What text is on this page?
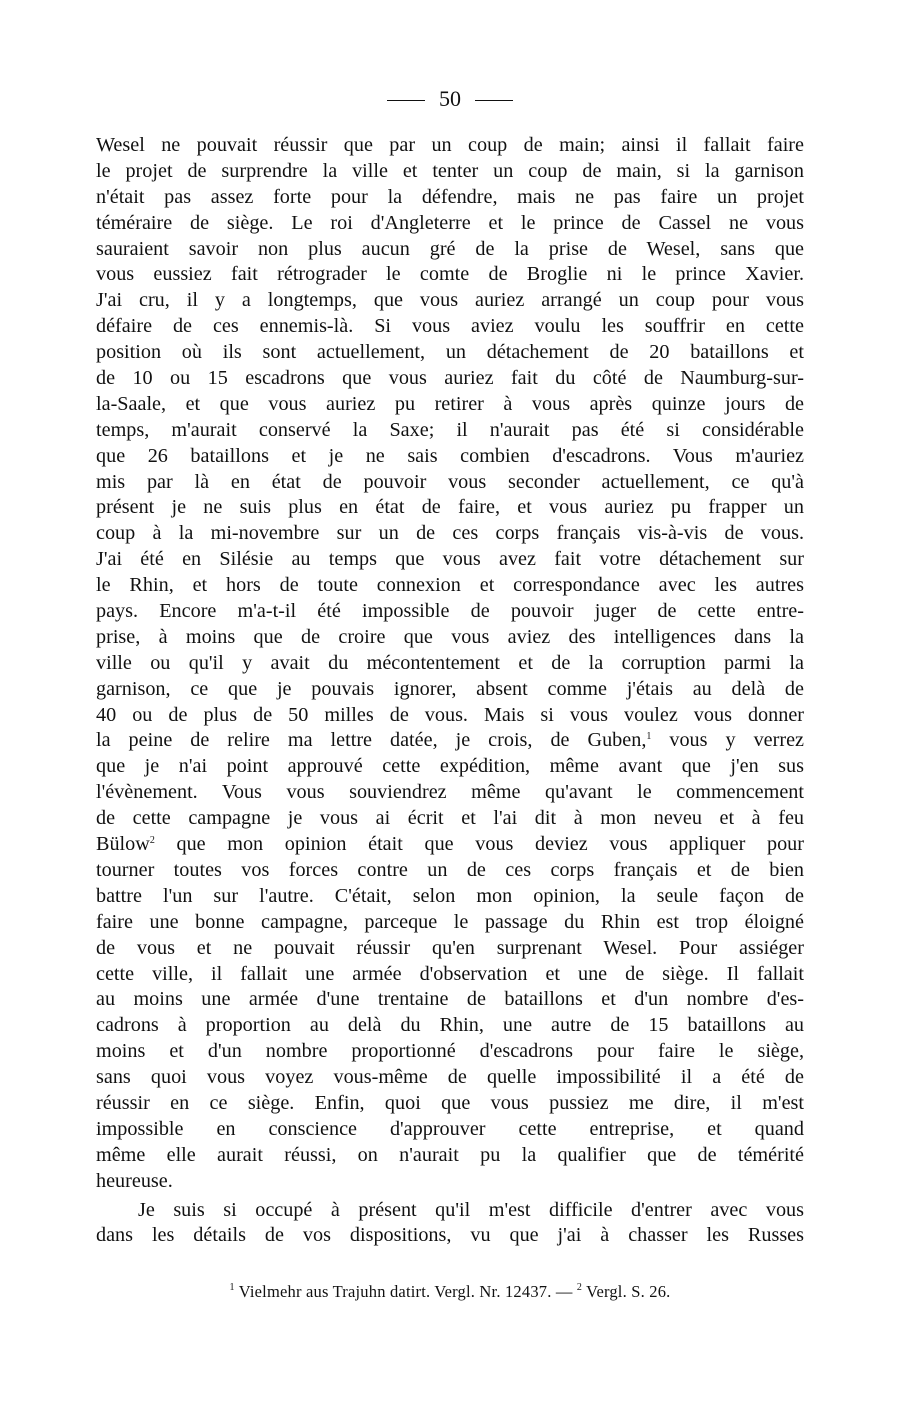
50
Wesel ne pouvait réussir que par un coup de main; ainsi il fallait faire
le projet de surprendre la ville et tenter un coup de main, si la garnison
n'était pas assez forte pour la défendre, mais ne pas faire un projet
téméraire de siège. Le roi d'Angleterre et le prince de Cassel ne vous
sauraient savoir non plus aucun gré de la prise de Wesel, sans que
vous eussiez fait rétrograder le comte de Broglie ni le prince Xavier.
J'ai cru, il y a longtemps, que vous auriez arrangé un coup pour vous
défaire de ces ennemis-là. Si vous aviez voulu les souffrir en cette
position où ils sont actuellement, un détachement de 20 bataillons et
de 10 ou 15 escadrons que vous auriez fait du côté de Naumburg-sur-
la-Saale, et que vous auriez pu retirer à vous après quinze jours de
temps, m'aurait conservé la Saxe; il n'aurait pas été si considérable
que 26 bataillons et je ne sais combien d'escadrons. Vous m'auriez
mis par là en état de pouvoir vous seconder actuellement, ce qu'à
présent je ne suis plus en état de faire, et vous auriez pu frapper un
coup à la mi-novembre sur un de ces corps français vis-à-vis de vous.
J'ai été en Silésie au temps que vous avez fait votre détachement sur
le Rhin, et hors de toute connexion et correspondance avec les autres
pays. Encore m'a-t-il été impossible de pouvoir juger de cette entre-
prise, à moins que de croire que vous aviez des intelligences dans la
ville ou qu'il y avait du mécontentement et de la corruption parmi la
garnison, ce que je pouvais ignorer, absent comme j'étais au delà de
40 ou de plus de 50 milles de vous. Mais si vous voulez vous donner
la peine de relire ma lettre datée, je crois, de Guben,$^1$ vous y verrez
que je n'ai point approuvé cette expédition, même avant que j'en sus
l'évènement. Vous vous souviendrez même qu'avant le commencement
de cette campagne je vous ai écrit et l'ai dit à mon neveu et à feu
Bülow$^2$ que mon opinion était que vous deviez vous appliquer pour
tourner toutes vos forces contre un de ces corps français et de bien
battre l'un sur l'autre. C'était, selon mon opinion, la seule façon de
faire une bonne campagne, parceque le passage du Rhin est trop éloigné
de vous et ne pouvait réussir qu'en surprenant Wesel. Pour assiéger
cette ville, il fallait une armée d'observation et une de siège. Il fallait
au moins une armée d'une trentaine de bataillons et d'un nombre d'es-
cadrons à proportion au delà du Rhin, une autre de 15 bataillons au
moins et d'un nombre proportionné d'escadrons pour faire le siège,
sans quoi vous voyez vous-même de quelle impossibilité il a été de
réussir en ce siège. Enfin, quoi que vous pussiez me dire, il m'est
impossible en conscience d'approuver cette entreprise, et quand
même elle aurait réussi, on n'aurait pu la qualifier que de témérité
heureuse.
Je suis si occupé à présent qu'il m'est difficile d'entrer avec vous
dans les détails de vos dispositions, vu que j'ai à chasser les Russes
$^1$ Vielmehr aus Trajuhn datirt. Vergl. Nr. 12437. — $^2$ Vergl. S. 26.
